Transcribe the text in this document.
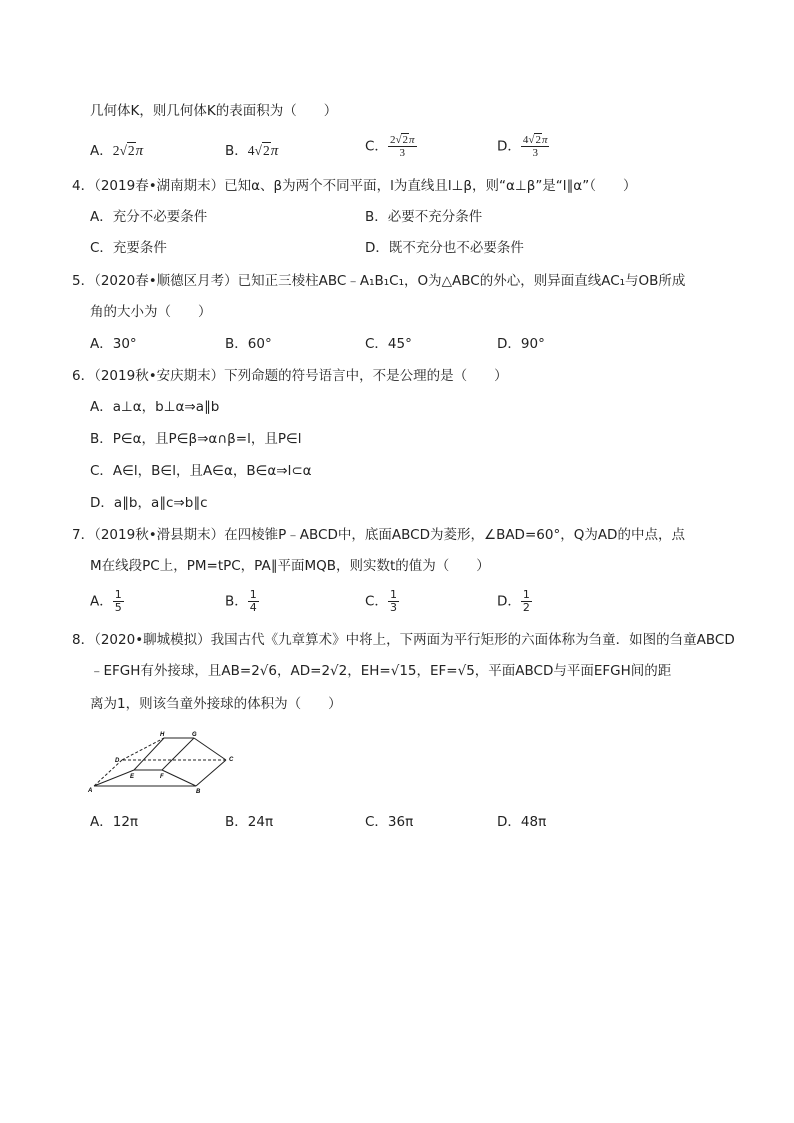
几何体K，则几何体K的表面积为（　　）
A．2√2π	B．4√2π	C． $\frac{2√2\pi}{3}$	D． $\frac{4√2\pi}{3}$
4．（2019春•湖南期末）已知α、β为两个不同平面，l为直线且l⊥β，则“α⊥β”是“l∥α”（　　）
A．充分不必要条件	B．必要不充分条件
C．充要条件	D．既不充分也不必要条件
5．（2020春•顺德区月考）已知正三棱柱ABC﹣A₁B₁C₁，O为△ABC的外心，则异面直线AC₁与OB所成
角的大小为（　　）
A．30°	B．60°	C．45°	D．90°
6．（2019秋•安庆期末）下列命题的符号语言中，不是公理的是（　　）
A．a⊥α，b⊥α⇒a∥b
B．P∈α，且P∈β⇒α∩β=l，且P∈l
C．A∈l，B∈l，且A∈α，B∈α⇒l⊂α
D．a∥b，a∥c⇒b∥c
7．（2019秋•滑县期末）在四棱锥P﹣ABCD中，底面ABCD为菱形，∠BAD=60°，Q为AD的中点，点
M在线段PC上，PM=tPC，PA∥平面MQB，则实数t的值为（　　）
A． $\frac{1}{5}$	B． $\frac{1}{4}$	C． $\frac{1}{3}$	D． $\frac{1}{2}$
8．（2020•聊城模拟）我国古代《九章算术》中将上，下两面为平行矩形的六面体称为刍童．如图的刍童ABCD
﹣EFGH有外接球，且AB=2√6，AD=2√2，EH=√15，EF=√5，平面ABCD与平面EFGH间的距
离为1，则该刍童外接球的体积为（　　）
A	B
C
D
E	F
G
H
A．12π	B．24π	C．36π	D．48π
